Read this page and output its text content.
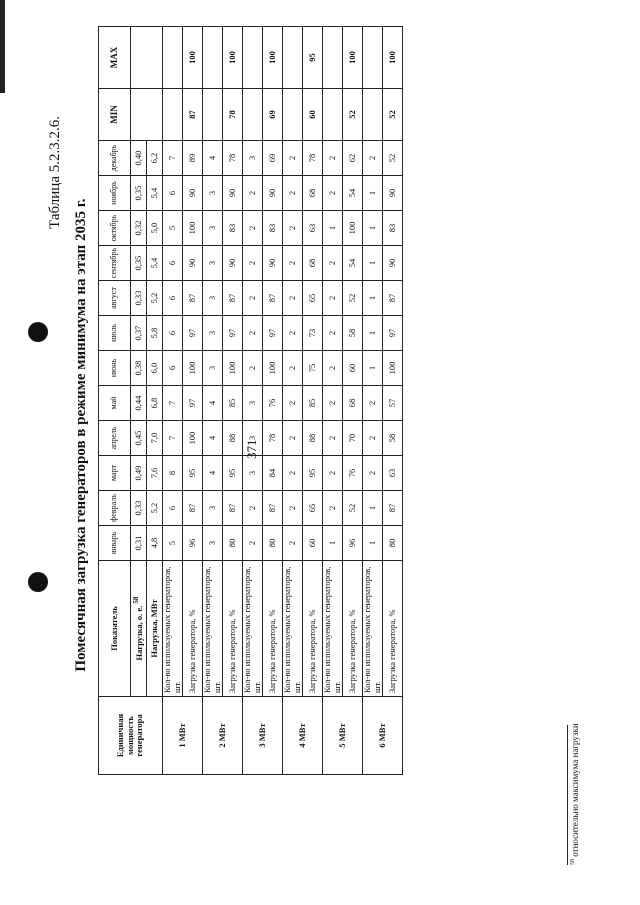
371
Таблица 5.2.3.2.6.
Помесячная загрузка генераторов в режиме минимума на этап 2035 г.
Единичная мощность генератора	Показатель	январь	февраль	март	апрель	май	июнь	июль	август	сентябрь	октябрь	ноябрь	декабрь	MIN	MAX
	Нагрузка, о. е. $^{58}$	0,31	0,33	0,49	0,45	0,44	0,38	0,37	0,33	0,35	0,32	0,35	0,40		
	Нагрузка, МВт	4,8	5,2	7,6	7,0	6,8	6,0	5,8	5,2	5,4	5,0	5,4	6,2		
1 МВт	Кол-во используемых генераторов, шт.	5	6	8	7	7	6	6	6	6	5	6	7		
	Загрузка генератора, %	96	87	95	100	97	100	97	87	90	100	90	89	87	100
2 МВт	Кол-во используемых генераторов, шт.	3	3	4	4	4	3	3	3	3	3	3	4		
	Загрузка генератора, %	80	87	95	88	85	100	97	87	90	83	90	78	78	100
3 МВт	Кол-во используемых генераторов, шт.	2	2	3	3	3	2	2	2	2	2	2	3		
	Загрузка генератора, %	80	87	84	78	76	100	97	87	90	83	90	69	69	100
4 МВт	Кол-во используемых генераторов, шт.	2	2	2	2	2	2	2	2	2	2	2	2		
	Загрузка генератора, %	60	65	95	88	85	75	73	65	68	63	68	78	60	95
5 МВт	Кол-во используемых генераторов, шт.	1	2	2	2	2	2	2	2	2	1	2	2		
	Загрузка генератора, %	96	52	76	70	68	60	58	52	54	100	54	62	52	100
6 МВт	Кол-во используемых генераторов, шт.	1	1	2	2	2	1	1	1	1	1	1	2		
	Загрузка генератора, %	80	87	63	58	57	100	97	87	90	83	90	52	52	100
$^{58}$ относительно максимума нагрузки
